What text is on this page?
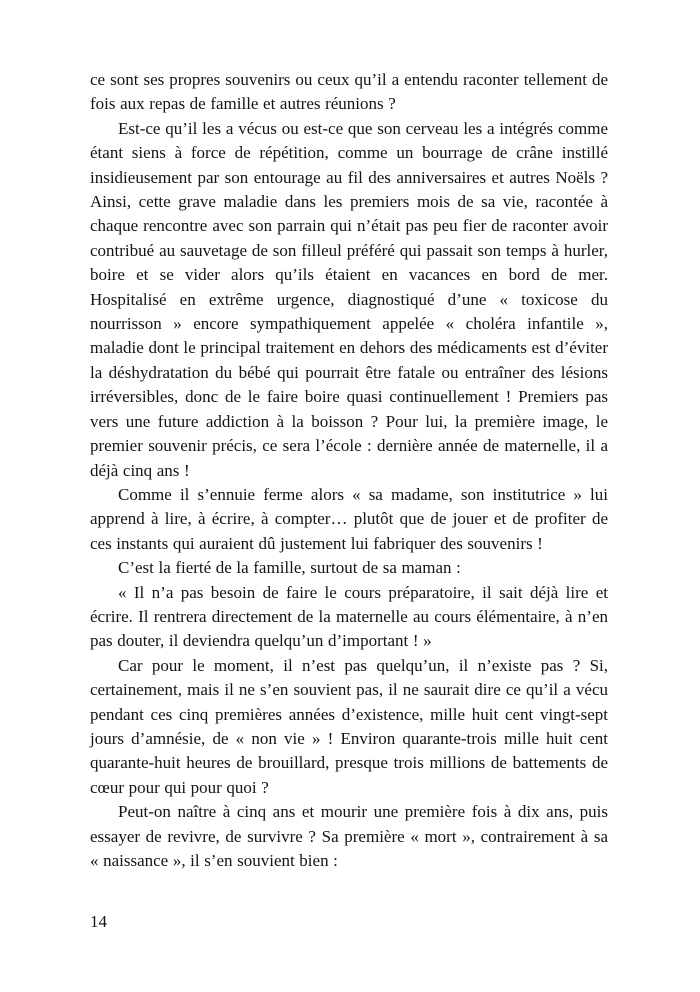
ce sont ses propres souvenirs ou ceux qu’il a entendu raconter tellement de fois aux repas de famille et autres réunions ?

Est-ce qu’il les a vécus ou est-ce que son cerveau les a intégrés comme étant siens à force de répétition, comme un bourrage de crâne instillé insidieusement par son entourage au fil des anniversaires et autres Noëls ? Ainsi, cette grave maladie dans les premiers mois de sa vie, racontée à chaque rencontre avec son parrain qui n’était pas peu fier de raconter avoir contribué au sauvetage de son filleul préféré qui passait son temps à hurler, boire et se vider alors qu’ils étaient en vacances en bord de mer. Hospitalisé en extrême urgence, diagnostiqué d’une « toxicose du nourrisson » encore sympathiquement appelée « choléra infantile », maladie dont le principal traitement en dehors des médicaments est d’éviter la déshydratation du bébé qui pourrait être fatale ou entraîner des lésions irréversibles, donc de le faire boire quasi continuellement ! Premiers pas vers une future addiction à la boisson ? Pour lui, la première image, le premier souvenir précis, ce sera l’école : dernière année de maternelle, il a déjà cinq ans !

Comme il s’ennuie ferme alors « sa madame, son institutrice » lui apprend à lire, à écrire, à compter… plutôt que de jouer et de profiter de ces instants qui auraient dû justement lui fabriquer des souvenirs !

C’est la fierté de la famille, surtout de sa maman :

« Il n’a pas besoin de faire le cours préparatoire, il sait déjà lire et écrire. Il rentrera directement de la maternelle au cours élémentaire, à n’en pas douter, il deviendra quelqu’un d’important ! »

Car pour le moment, il n’est pas quelqu’un, il n’existe pas ? Si, certainement, mais il ne s’en souvient pas, il ne saurait dire ce qu’il a vécu pendant ces cinq premières années d’existence, mille huit cent vingt-sept jours d’amnésie, de « non vie » ! Environ quarante-trois mille huit cent quarante-huit heures de brouillard, presque trois millions de battements de cœur pour qui pour quoi ?

Peut-on naître à cinq ans et mourir une première fois à dix ans, puis essayer de revivre, de survivre ? Sa première « mort », contrairement à sa « naissance », il s’en souvient bien :

14
